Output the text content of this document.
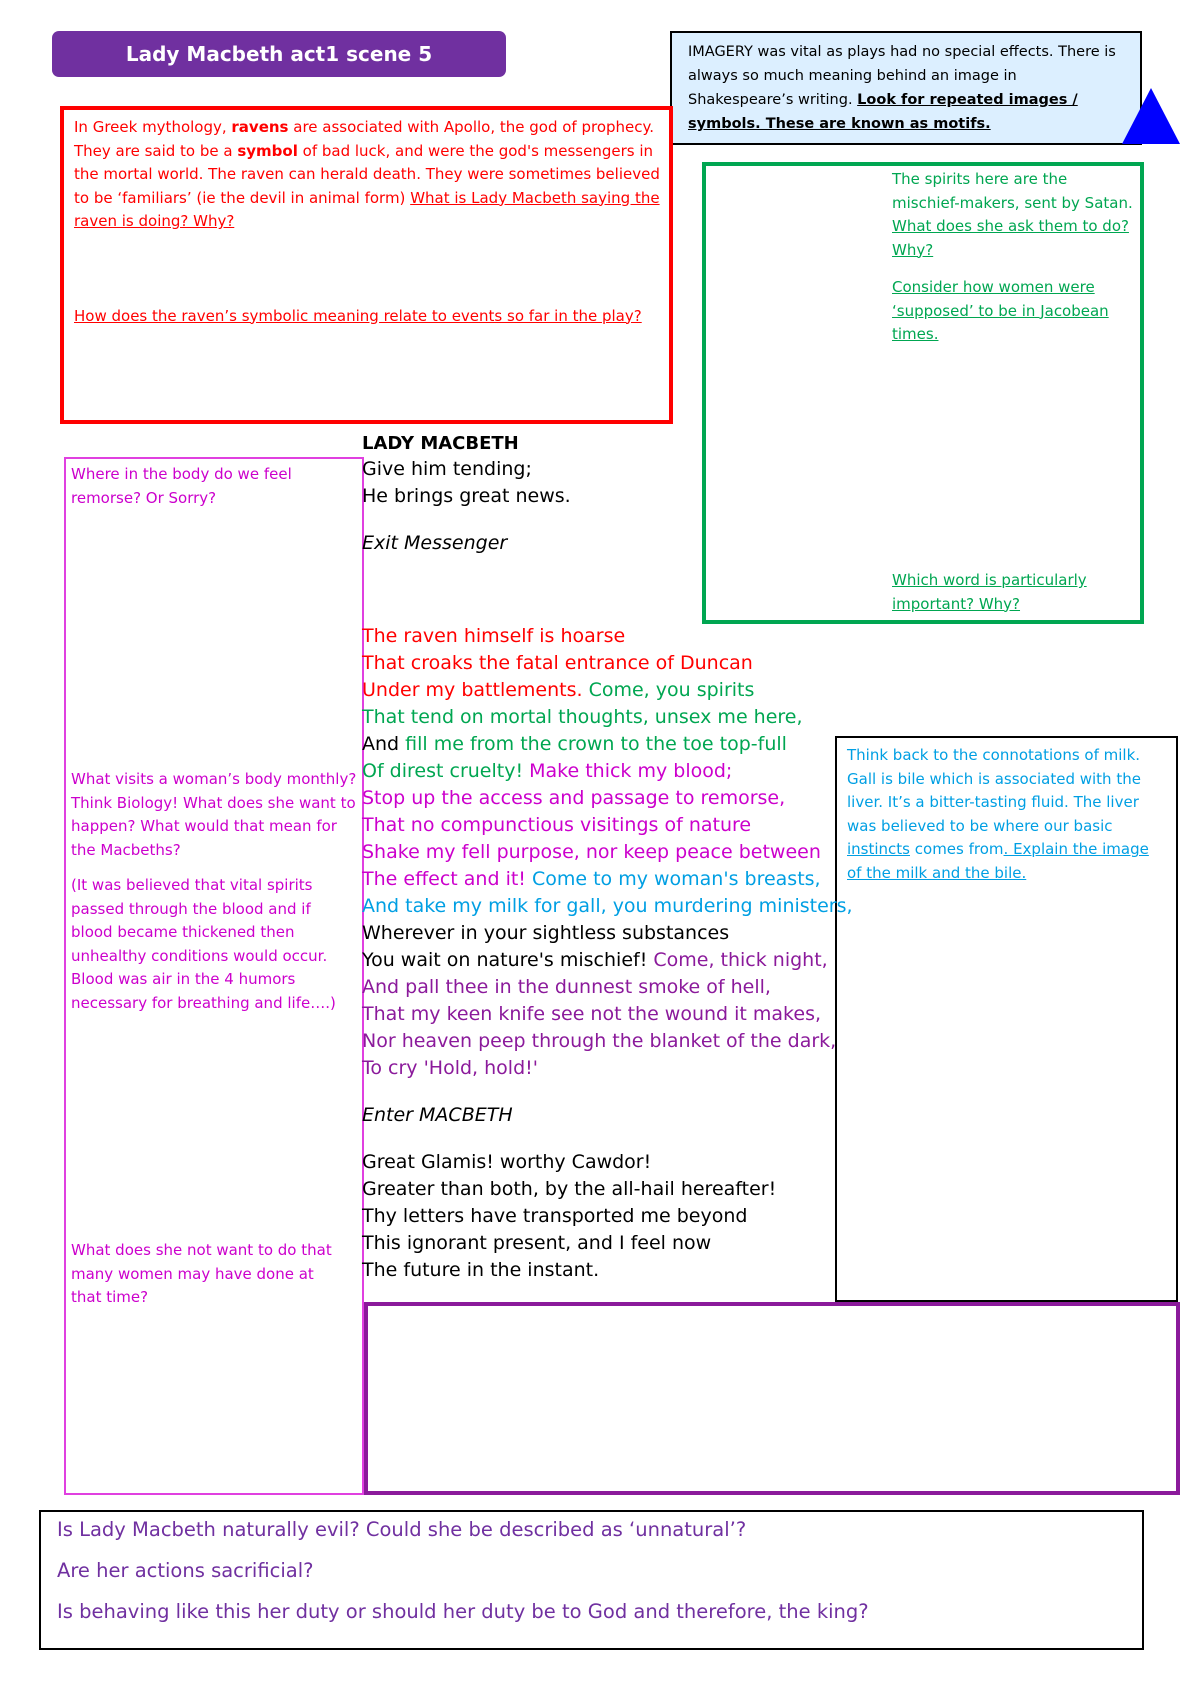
Lady Macbeth act1 scene 5	IMAGERY was vital as plays had no special effects. There is always so much meaning behind an image in Shakespeare’s writing. Look for repeated images / symbols. These are known as motifs.
In Greek mythology, ravens are associated with Apollo, the god of prophecy. They are said to be a symbol of bad luck, and were the god's messengers in the mortal world. The raven can herald death. They were sometimes believed to be ‘familiars’ (ie the devil in animal form) What is Lady Macbeth saying the raven is doing? Why?
How does the raven’s symbolic meaning relate to events so far in the play?
The spirits here are the mischief-makers, sent by Satan. What does she ask them to do? Why?
Consider how women were ‘supposed’ to be in Jacobean times.
Which word is particularly important? Why?
Where in the body do we feel remorse? Or Sorry?
What visits a woman’s body monthly? Think Biology! What does she want to happen? What would that mean for the Macbeths?
(It was believed that vital spirits passed through the blood and if blood became thickened then unhealthy conditions would occur. Blood was air in the 4 humors necessary for breathing and life….)
What does she not want to do that many women may have done at that time?
Think back to the connotations of milk. Gall is bile which is associated with the liver. It’s a bitter-tasting fluid. The liver was believed to be where our basic instincts comes from. Explain the image of the milk and the bile.
LADY MACBETH
Give him tending;
He brings great news.
Exit Messenger
The raven himself is hoarse
That croaks the fatal entrance of Duncan
Under my battlements. Come, you spirits
That tend on mortal thoughts, unsex me here,
And fill me from the crown to the toe top-full
Of direst cruelty! Make thick my blood;
Stop up the access and passage to remorse,
That no compunctious visitings of nature
Shake my fell purpose, nor keep peace between
The effect and it! Come to my woman's breasts,
And take my milk for gall, you murdering ministers,
Wherever in your sightless substances
You wait on nature's mischief! Come, thick night,
And pall thee in the dunnest smoke of hell,
That my keen knife see not the wound it makes,
Nor heaven peep through the blanket of the dark,
To cry 'Hold, hold!'
Enter MACBETH
Great Glamis! worthy Cawdor!
Greater than both, by the all-hail hereafter!
Thy letters have transported me beyond
This ignorant present, and I feel now
The future in the instant.

Is Lady Macbeth naturally evil? Could she be described as ‘unnatural’?

Are her actions sacrificial?

Is behaving like this her duty or should her duty be to God and therefore, the king?
